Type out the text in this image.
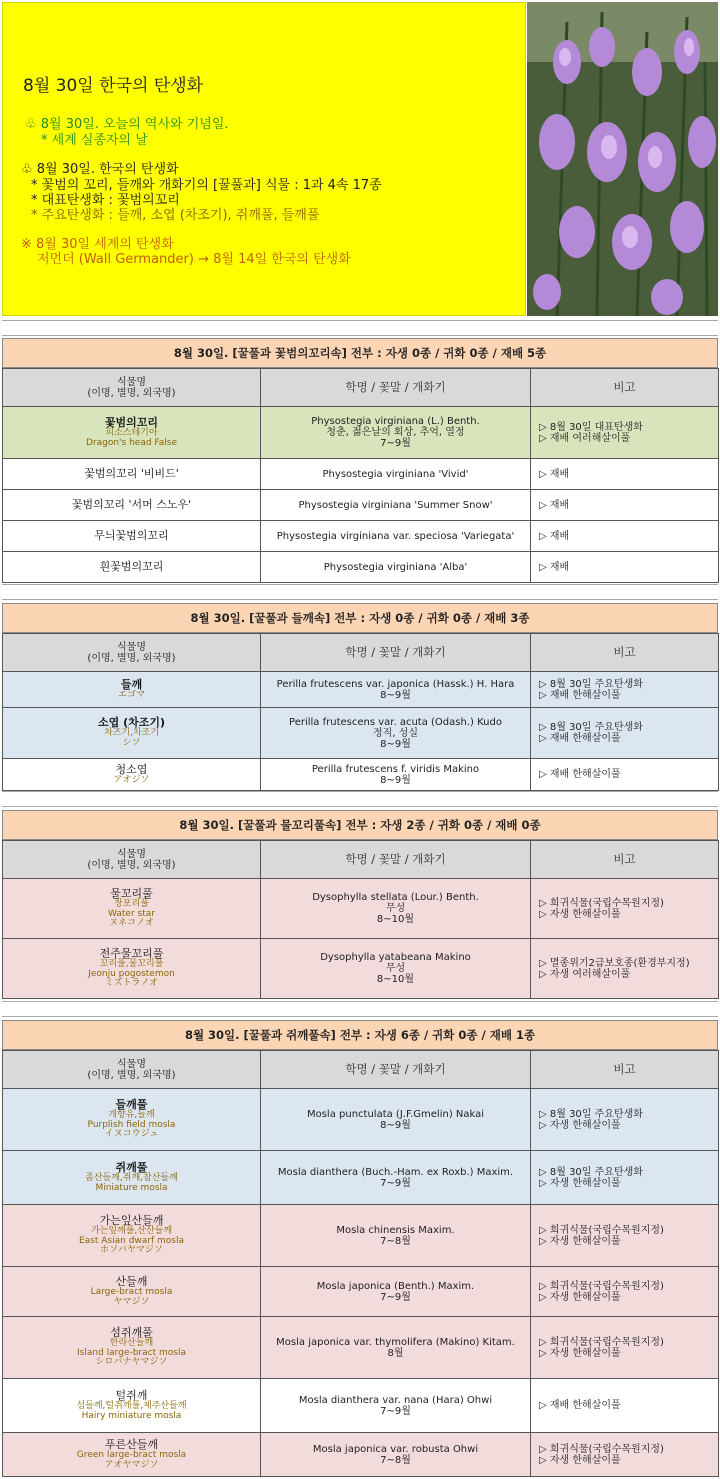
8월 30일 한국의 탄생화
♧ 8월 30일. 오늘의 역사와 기념일.
* 세계 실종자의 날
♧ 8월 30일. 한국의 탄생화
* 꽃범의 꼬리, 들깨와 개화기의 [꿀풀과] 식물 : 1과 4속 17종
* 대표탄생화 : 꽃범의꼬리
* 주요탄생화 : 들깨, 소엽 (차조기), 쥐깨풀, 들깨풀
※ 8월 30일 세계의 탄생화
저먼더 (Wall Germander) → 8월 14일 한국의 탄생화
8월 30일. [꿀풀과 꽃범의꼬리속] 전부 : 자생 0종 / 귀화 0종 / 재배 5종
식물명
(이명, 별명, 외국명)	학명 / 꽃말 / 개화기	비고

꽃범의꼬리
피소스테기아
Dragon's head False	Physostegia virginiana (L.) Benth.
청춘, 젊은날의 회상, 추억, 열정
7~9월	▷ 8월 30일 대표탄생화
▷ 재배 여러해살이풀

꽃범의꼬리 '비비드'	Physostegia virginiana 'Vivid'	▷ 재배

꽃범의꼬리 '서머 스노우'	Physostegia virginiana 'Summer Snow'	▷ 재배

무늬꽃범의꼬리	Physostegia virginiana var. speciosa 'Variegata'	▷ 재배

흰꽃범의꼬리	Physostegia virginiana 'Alba'	▷ 재배
8월 30일. [꿀풀과 들깨속] 전부 : 자생 0종 / 귀화 0종 / 재배 3종
식물명
(이명, 별명, 외국명)	학명 / 꽃말 / 개화기	비고

들깨
エゴマ	Perilla frutescens var. japonica (Hassk.) H. Hara
8~9월	▷ 8월 30일 주요탄생화
▷ 재배 한해살이풀

소엽 (차조기)
차즈기,차조기
シソ	Perilla frutescens var. acuta (Odash.) Kudo
정직, 성실
8~9월	▷ 8월 30일 주요탄생화
▷ 재배 한해살이풀

청소엽
アオジソ	Perilla frutescens f. viridis Makino
8~9월	▷ 재배 한해살이풀
8월 30일. [꿀풀과 물꼬리풀속] 전부 : 자생 2종 / 귀화 0종 / 재배 0종
식물명
(이명, 별명, 외국명)	학명 / 꽃말 / 개화기	비고

물꼬리풀
창포리풀
Water star
ヌネコノオ	Dysophylla stellata (Lour.) Benth.
무성
8~10월	▷ 희귀식물(국립수목원지정)
▷ 자생 한해살이풀

전주물꼬리풀
꼬리풀,물꼬리풀
Jeonju pogostemon
ミズトラノオ	Dysophylla yatabeana Makino
무성
8~10월	▷ 멸종위기2급보호종(환경부지정)
▷ 자생 여러해살이풀
8월 30일. [꿀풀과 쥐깨풀속] 전부 : 자생 6종 / 귀화 0종 / 재배 1종
식물명
(이명, 별명, 외국명)	학명 / 꽃말 / 개화기	비고

들깨풀
개향유,들깨
Purplish field mosla
イヌコウジュ	Mosla punctulata (J.F.Gmelin) Nakai
8~9월	▷ 8월 30일 주요탄생화
▷ 자생 한해살이풀

쥐깨풀
좀산들깨,쥐깨,참산들깨
Miniature mosla	Mosla dianthera (Buch.-Ham. ex Roxb.) Maxim.
7~9월	▷ 8월 30일 주요탄생화
▷ 자생 한해살이풀

가는잎산들깨
가는잎깨풀,산산들깨
East Asian dwarf mosla
ホソバヤマジソ	Mosla chinensis Maxim.
7~8월	▷ 희귀식물(국립수목원지정)
▷ 자생 한해살이풀

산들깨
Large-bract mosla
ヤマジソ	Mosla japonica (Benth.) Maxim.
7~9월	▷ 희귀식물(국립수목원지정)
▷ 자생 한해살이풀

섬쥐깨풀
한라산들깨
Island large-bract mosla
シロバナヤマジソ	Mosla japonica var. thymolifera (Makino) Kitam.
8월	▷ 희귀식물(국립수목원지정)
▷ 자생 한해살이풀

털쥐깨
섬들깨,털쥐깨풀,제주산들깨
Hairy miniature mosla	Mosla dianthera var. nana (Hara) Ohwi
7~9월	▷ 재배 한해살이풀

푸른산들깨
Green large-bract mosla
アオヤマジソ	Mosla japonica var. robusta Ohwi
7~8월	▷ 희귀식물(국립수목원지정)
▷ 자생 한해살이풀
